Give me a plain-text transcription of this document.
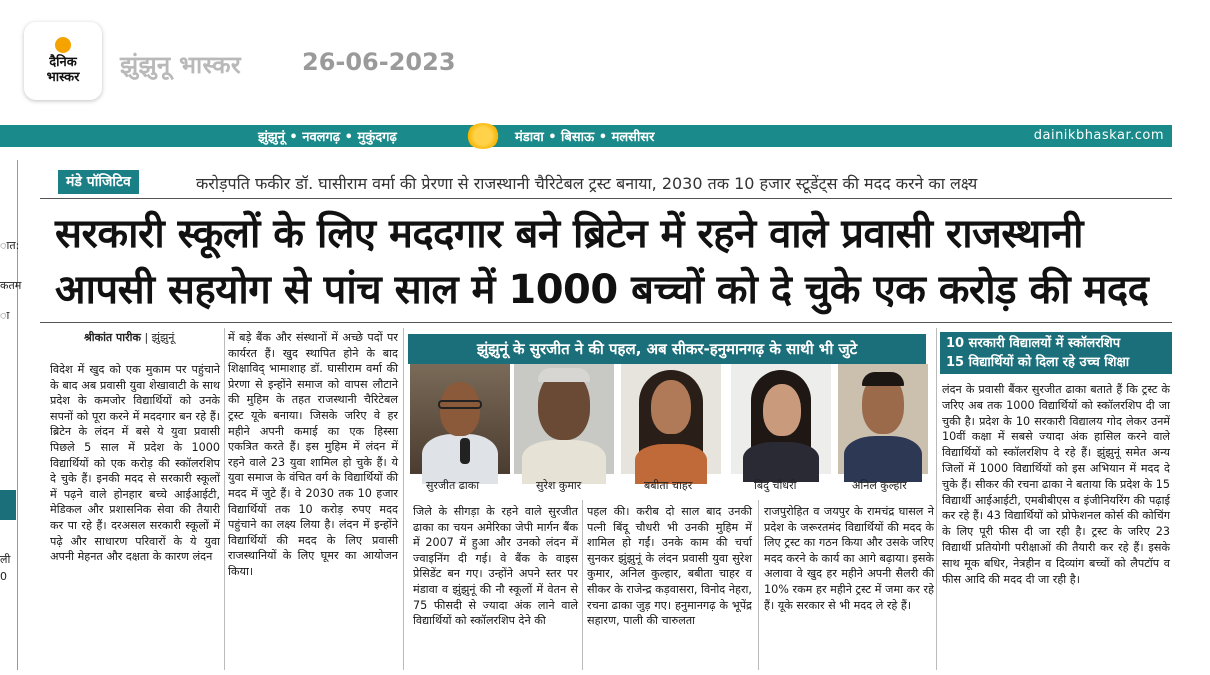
दैनिक
भास्कर झुंझुनू भास्कर	26-06-2023
झुंझुनूं • नवलगढ़ • मुकुंदगढ़	मंडावा • बिसाऊ • मलसीसर	dainikbhaskar.com
ात:
कतम
ा
ली
0
मंडे पॉजिटिव	करोड़पति फकीर डॉ. घासीराम वर्मा की प्रेरणा से राजस्थानी चैरिटेबल ट्रस्ट बनाया, 2030 तक 10 हजार स्टूडेंट्स की मदद करने का लक्ष्य
सरकारी स्कूलों के लिए मददगार बने ब्रिटेन में रहने वाले प्रवासी राजस्थानी
आपसी सहयोग से पांच साल में 1000 बच्चों को दे चुके एक करोड़ की मदद
श्रीकांत पारीक | झुंझुनूं
विदेश में खुद को एक मुकाम पर पहुंचाने के बाद अब प्रवासी युवा शेखावाटी के साथ प्रदेश के कमजोर विद्यार्थियों को उनके सपनों को पूरा करने में मददगार बन रहे हैं। ब्रिटेन के लंदन में बसे ये युवा प्रवासी पिछले 5 साल में प्रदेश के 1000 विद्यार्थियों को एक करोड़ की स्कॉलरशिप दे चुके हैं। इनकी मदद से सरकारी स्कूलों में पढ़ने वाले होनहार बच्चे आईआईटी, मेडिकल और प्रशासनिक सेवा की तैयारी कर पा रहे हैं। दरअसल सरकारी स्कूलों में पढ़े और साधारण परिवारों के ये युवा अपनी मेहनत और दक्षता के कारण लंदन
में बड़े बैंक और संस्थानों में अच्छे पदों पर कार्यरत हैं। खुद स्थापित होने के बाद शिक्षाविद् भामाशाह डॉ. घासीराम वर्मा की प्रेरणा से इन्होंने समाज को वापस लौटाने की मुहिम के तहत राजस्थानी चैरिटेबल ट्रस्ट यूके बनाया। जिसके जरिए वे हर महीने अपनी कमाई का एक हिस्सा एकत्रित करते हैं। इस मुहिम में लंदन में रहने वाले 23 युवा शामिल हो चुके हैं। ये युवा समाज के वंचित वर्ग के विद्यार्थियों की मदद में जुटे हैं। वे 2030 तक 10 हजार विद्यार्थियों तक 10 करोड़ रुपए मदद पहुंचाने का लक्ष्य लिया है। लंदन में इन्होंने विद्यार्थियों की मदद के लिए प्रवासी राजस्थानियों के लिए घूमर का आयोजन किया।
झुंझुनूं के सुरजीत ने की पहल, अब सीकर-हनुमानगढ़ के साथी भी जुटे
सुरजीत ढाका	सुरेश कुमार	बबीता चाहर	बिंदु चौधरी	अनिल कुल्हार
जिले के सीगड़ा के रहने वाले सुरजीत ढाका का चयन अमेरिका जेपी मार्गन बैंक में 2007 में हुआ और उनको लंदन में ज्वाइनिंग दी गई। वे बैंक के वाइस प्रेसिडेंट बन गए। उन्होंने अपने स्तर पर मंडावा व झुंझुनूं की नौ स्कूलों में वेतन से 75 फीसदी से ज्यादा अंक लाने वाले विद्यार्थियों को स्कॉलरशिप देने की
पहल की। करीब दो साल बाद उनकी पत्नी बिंदू चौधरी भी उनकी मुहिम में शामिल हो गईं। उनके काम की चर्चा सुनकर झुंझुनूं के लंदन प्रवासी युवा सुरेश कुमार, अनिल कुल्हार, बबीता चाहर व सीकर के राजेन्द्र कड़वासरा, विनोद नेहरा, रचना ढाका जुड़ गए। हनुमानगढ़ के भूपेंद्र सहारण, पाली की चारुलता
राजपुरोहित व जयपुर के रामचंद्र घासल ने प्रदेश के जरूरतमंद विद्यार्थियों की मदद के लिए ट्रस्ट का गठन किया और उसके जरिए मदद करने के कार्य का आगे बढ़ाया। इसके अलावा वे खुद हर महीने अपनी सैलरी की 10% रकम हर महीने ट्रस्ट में जमा कर रहे हैं। यूके सरकार से भी मदद ले रहे हैं।
10 सरकारी विद्यालयों में स्कॉलरशिप
15 विद्यार्थियों को दिला रहे उच्च शिक्षा
लंदन के प्रवासी बैंकर सुरजीत ढाका बताते हैं कि ट्रस्ट के जरिए अब तक 1000 विद्यार्थियों को स्कॉलरशिप दी जा चुकी है। प्रदेश के 10 सरकारी विद्यालय गोद लेकर उनमें 10वीं कक्षा में सबसे ज्यादा अंक हासिल करने वाले विद्यार्थियों को स्कॉलरशिप दे रहे हैं। झुंझुनूं समेत अन्य जिलों में 1000 विद्यार्थियों को इस अभियान में मदद दे चुके हैं। सीकर की रचना ढाका ने बताया कि प्रदेश के 15 विद्यार्थी आईआईटी, एमबीबीएस व इंजीनियरिंग की पढ़ाई कर रहे हैं। 43 विद्यार्थियों को प्रोफेशनल कोर्स की कोचिंग के लिए पूरी फीस दी जा रही है। ट्रस्ट के जरिए 23 विद्यार्थी प्रतियोगी परीक्षाओं की तैयारी कर रहे हैं। इसके साथ मूक बधिर, नेत्रहीन व दिव्यांग बच्चों को लैपटॉप व फीस आदि की मदद दी जा रही है।
